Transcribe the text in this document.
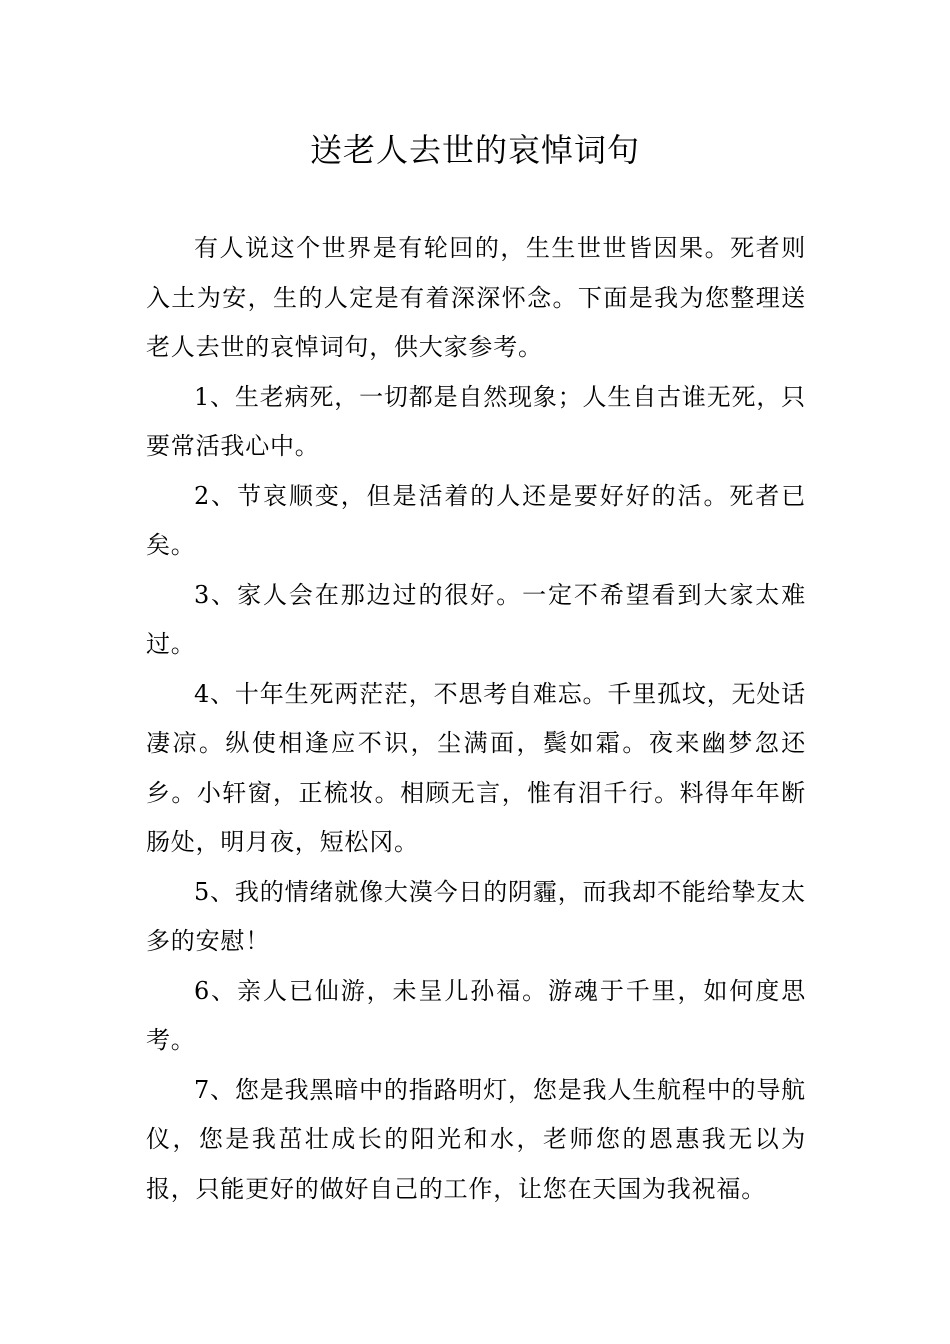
送老人去世的哀悼词句

有人说这个世界是有轮回的，生生世世皆因果。死者则入土为安，生的人定是有着深深怀念。下面是我为您整理送老人去世的哀悼词句，供大家参考。

1、生老病死，一切都是自然现象；人生自古谁无死，只要常活我心中。

2、节哀顺变，但是活着的人还是要好好的活。死者已矣。

3、家人会在那边过的很好。一定不希望看到大家太难过。

4、十年生死两茫茫，不思考自难忘。千里孤坟，无处话凄凉。纵使相逢应不识，尘满面，鬓如霜。夜来幽梦忽还乡。小轩窗，正梳妆。相顾无言，惟有泪千行。料得年年断肠处，明月夜，短松冈。

5、我的情绪就像大漠今日的阴霾，而我却不能给挚友太多的安慰！

6、亲人已仙游，未呈儿孙福。游魂于千里，如何度思考。

7、您是我黑暗中的指路明灯，您是我人生航程中的导航仪，您是我茁壮成长的阳光和水，老师您的恩惠我无以为报，只能更好的做好自己的工作，让您在天国为我祝福。
